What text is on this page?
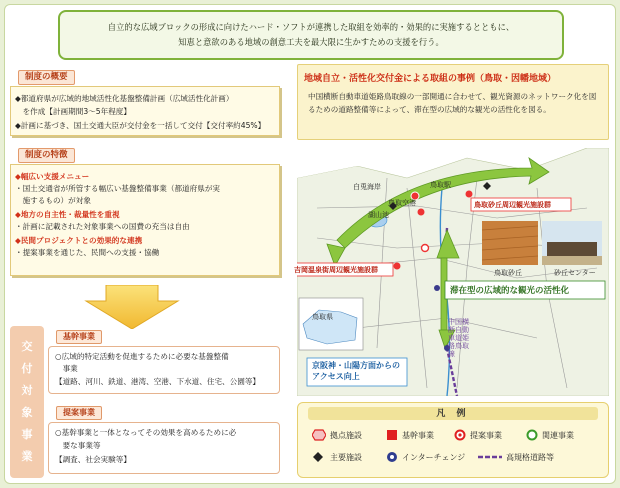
自立的な広域ブロックの形成に向けたハード・ソフトが連携した取組を効率的・効果的に実施するとともに、

知恵と意欲のある地域の創意工夫を最大限に生かすための支援を行う。

制度の概要
◆都道府県が広域的地域活性化基盤整備計画（広域活性化計画）
　を作成【計画期間3～5年程度】
◆計画に基づき、国土交通大臣が交付金を一括して交付【交付率約45%】
制度の特徴
◆幅広い支援メニュー
・国土交通省が所管する幅広い基盤整備事業（都道府県が実
　施するもの）が対象
◆地方の自主性・裁量性を重視
・計画に記載された対象事業への国費の充当は自由
◆民間プロジェクトとの効果的な連携
・提案事業を通じた、民間への支援・協働
交
付
対
象
事
業
基幹事業
○広域的特定活動を促進するために必要な基盤整備
　事業
【道路、河川、鉄道、港湾、空港、下水道、住宅、公園等】
提案事業
○基幹事業と一体となってその効果を高めるために必
　要な事業等
【調査、社会実験等】
地域自立・活性化交付金による取組の事例（鳥取・因幡地域）
中国横断自動車道姫路鳥取線の一部開通に合わせて、観光資源のネットワーク化を図るための道路整備等によって、滞在型の広域的な観光の活性化を図る。
白兎海岸
鳥取空港
鳥取駅
湖山池
鳥取砂丘周辺観光施設群
吉岡温泉街周辺観光施設群	鳥取砂丘	砂丘センター
滞在型の広域的な観光の活性化
京阪神・山陽方面からのアクセス向上
中国横断自動車道姫路鳥取線
鳥取県
凡 例
拠点施設	基幹事業	提案事業	関連事業
主要施設	インターチェンジ	高規格道路等
